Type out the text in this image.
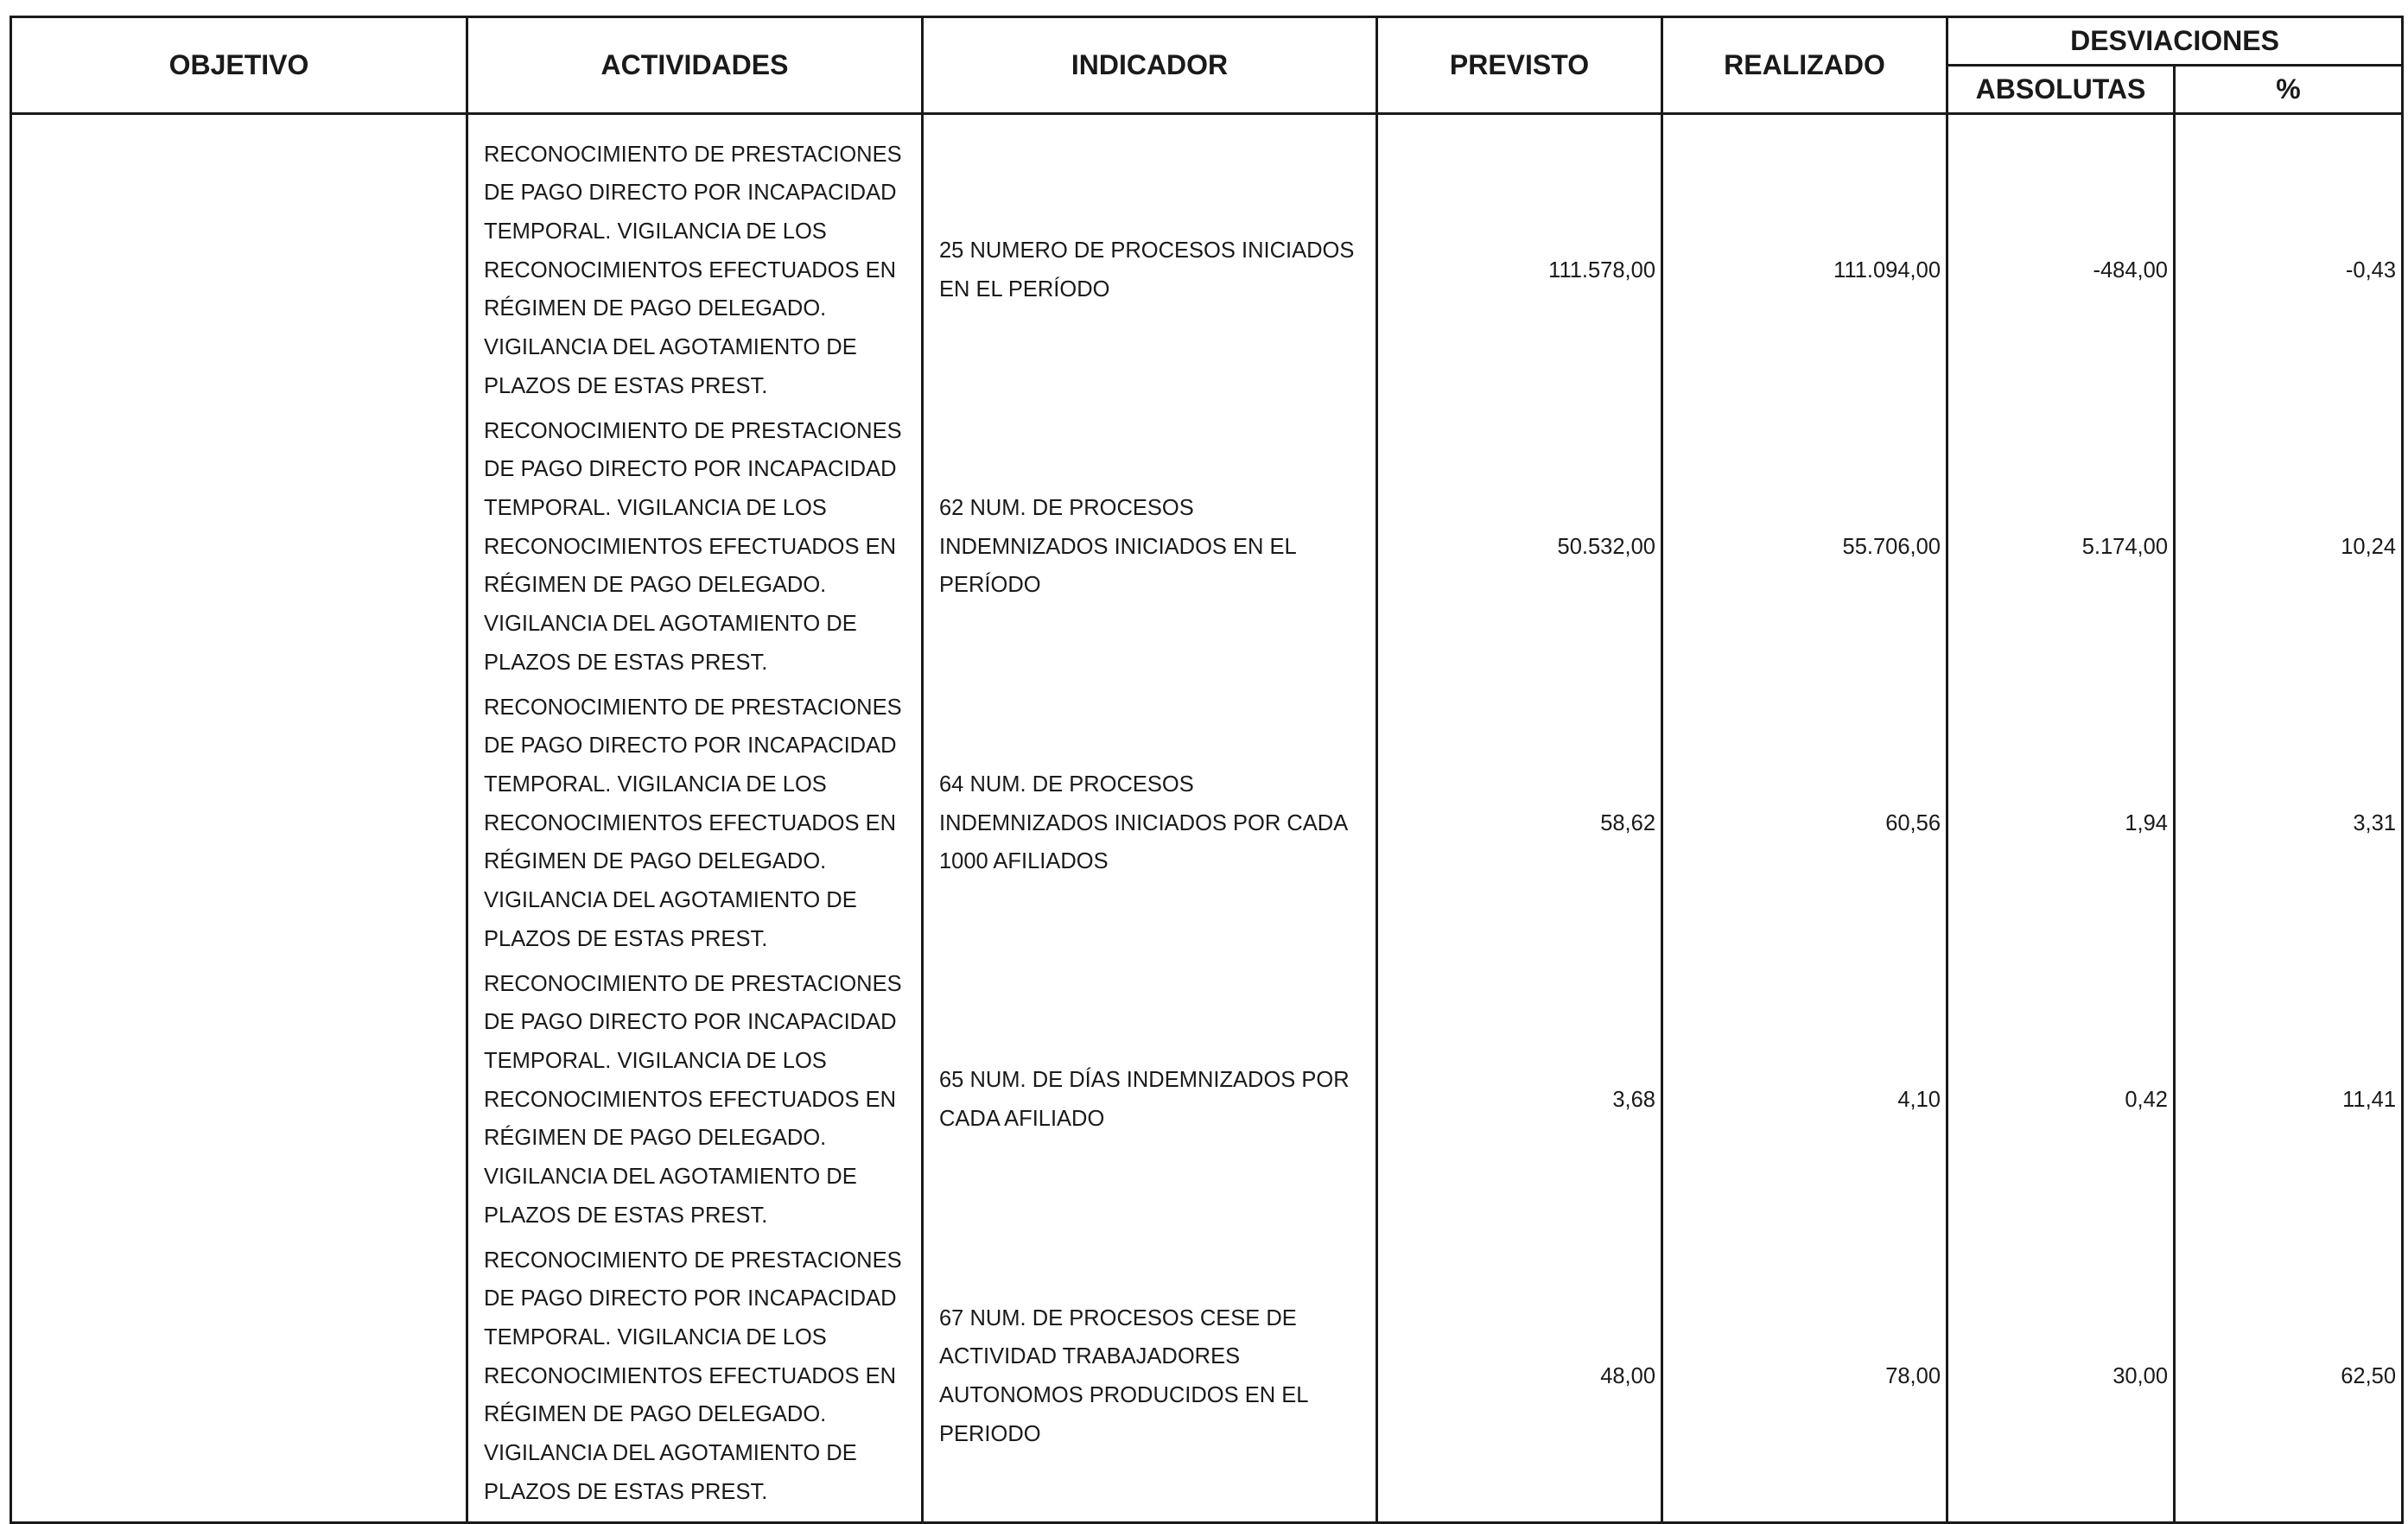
OBJETIVO	ACTIVIDADES	INDICADOR	PREVISTO	REALIZADO	DESVIACIONES	
					ABSOLUTAS	%
	RECONOCIMIENTO DE PRESTACIONES DE PAGO DIRECTO POR INCAPACIDAD TEMPORAL. VIGILANCIA DE LOS RECONOCIMIENTOS EFECTUADOS EN RÉGIMEN DE PAGO DELEGADO. VIGILANCIA DEL AGOTAMIENTO DE PLAZOS DE ESTAS PREST.	25 NUMERO DE PROCESOS INICIADOS EN EL PERÍODO	111.578,00	111.094,00	-484,00	-0,43
	RECONOCIMIENTO DE PRESTACIONES DE PAGO DIRECTO POR INCAPACIDAD TEMPORAL. VIGILANCIA DE LOS RECONOCIMIENTOS EFECTUADOS EN RÉGIMEN DE PAGO DELEGADO. VIGILANCIA DEL AGOTAMIENTO DE PLAZOS DE ESTAS PREST.	62 NUM. DE PROCESOS INDEMNIZADOS INICIADOS EN EL PERÍODO	50.532,00	55.706,00	5.174,00	10,24
	RECONOCIMIENTO DE PRESTACIONES DE PAGO DIRECTO POR INCAPACIDAD TEMPORAL. VIGILANCIA DE LOS RECONOCIMIENTOS EFECTUADOS EN RÉGIMEN DE PAGO DELEGADO. VIGILANCIA DEL AGOTAMIENTO DE PLAZOS DE ESTAS PREST.	64 NUM. DE PROCESOS INDEMNIZADOS INICIADOS POR CADA 1000 AFILIADOS	58,62	60,56	1,94	3,31
	RECONOCIMIENTO DE PRESTACIONES DE PAGO DIRECTO POR INCAPACIDAD TEMPORAL. VIGILANCIA DE LOS RECONOCIMIENTOS EFECTUADOS EN RÉGIMEN DE PAGO DELEGADO. VIGILANCIA DEL AGOTAMIENTO DE PLAZOS DE ESTAS PREST.	65 NUM. DE DÍAS INDEMNIZADOS POR CADA AFILIADO	3,68	4,10	0,42	11,41
	RECONOCIMIENTO DE PRESTACIONES DE PAGO DIRECTO POR INCAPACIDAD TEMPORAL. VIGILANCIA DE LOS RECONOCIMIENTOS EFECTUADOS EN RÉGIMEN DE PAGO DELEGADO. VIGILANCIA DEL AGOTAMIENTO DE PLAZOS DE ESTAS PREST.	67 NUM. DE PROCESOS CESE DE ACTIVIDAD TRABAJADORES AUTONOMOS PRODUCIDOS EN EL PERIODO	48,00	78,00	30,00	62,50
